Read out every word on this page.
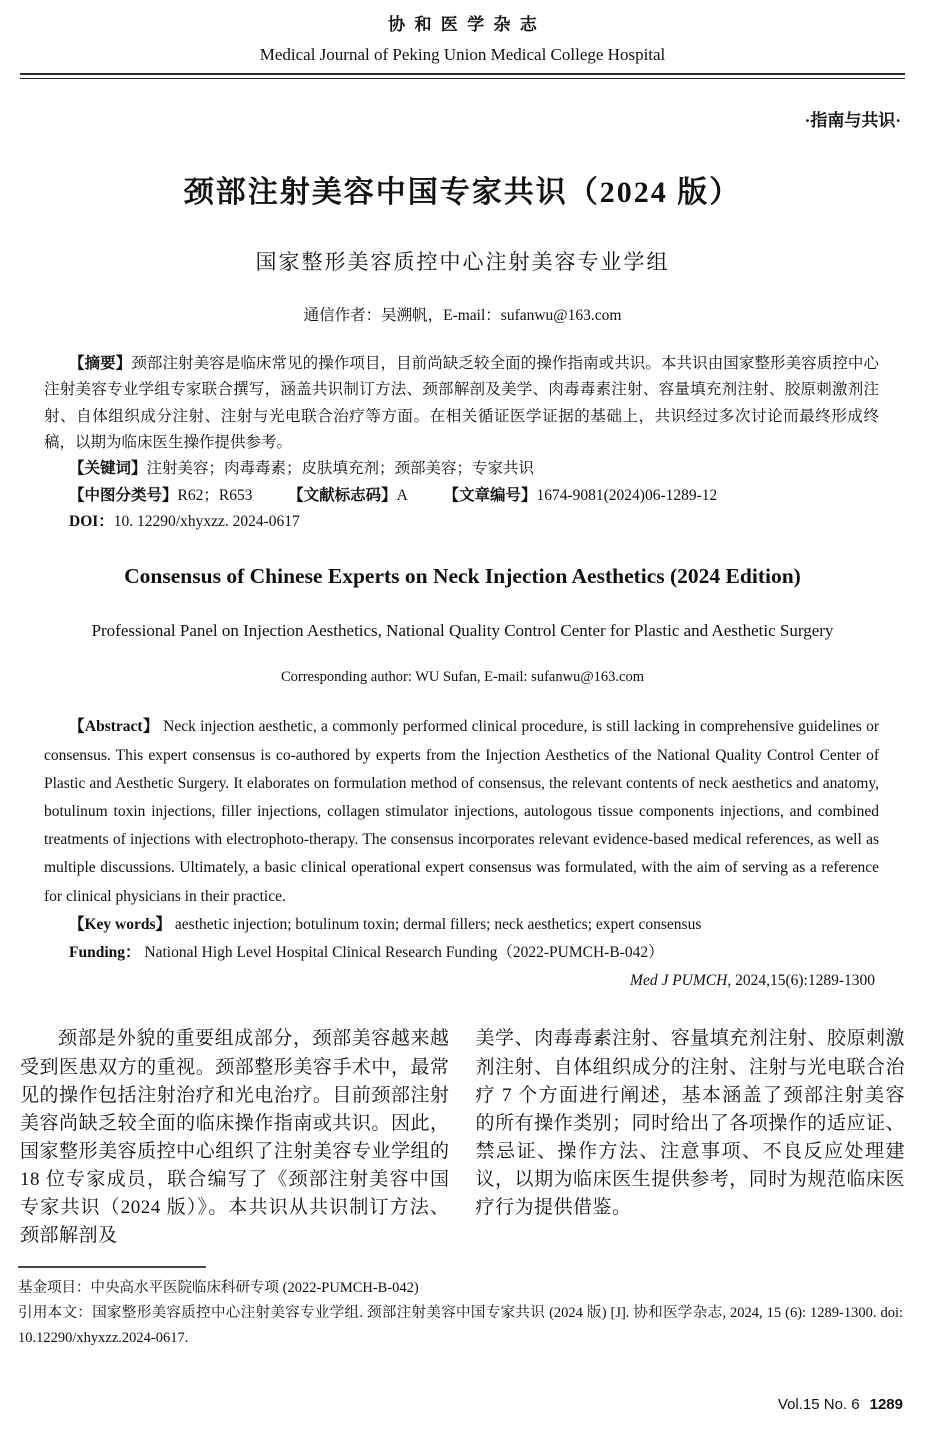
协和医学杂志
Medical Journal of Peking Union Medical College Hospital
·指南与共识·
颈部注射美容中国专家共识（2024 版）
国家整形美容质控中心注射美容专业学组
通信作者：吴溯帆，E-mail：sufanwu@163.com

【摘要】颈部注射美容是临床常见的操作项目，目前尚缺乏较全面的操作指南或共识。本共识由国家整形美容质控中心注射美容专业学组专家联合撰写，涵盖共识制订方法、颈部解剖及美学、肉毒毒素注射、容量填充剂注射、胶原刺激剂注射、自体组织成分注射、注射与光电联合治疗等方面。在相关循证医学证据的基础上，共识经过多次讨论而最终形成终稿，以期为临床医生操作提供参考。

【关键词】注射美容；肉毒毒素；皮肤填充剂；颈部美容；专家共识

【中图分类号】R62；R653 【文献标志码】A 【文章编号】1674-9081(2024)06-1289-12

DOI：10. 12290/xhyxzz. 2024-0617

Consensus of Chinese Experts on Neck Injection Aesthetics (2024 Edition)
Professional Panel on Injection Aesthetics, National Quality Control Center for Plastic and Aesthetic Surgery
Corresponding author: WU Sufan, E-mail: sufanwu@163.com

【Abstract】 Neck injection aesthetic, a commonly performed clinical procedure, is still lacking in comprehensive guidelines or consensus. This expert consensus is co-authored by experts from the Injection Aesthetics of the National Quality Control Center of Plastic and Aesthetic Surgery. It elaborates on formulation method of consensus, the relevant contents of neck aesthetics and anatomy, botulinum toxin injections, filler injections, collagen stimulator injections, autologous tissue components injections, and combined treatments of injections with electrophoto-therapy. The consensus incorporates relevant evidence-based medical references, as well as multiple discussions. Ultimately, a basic clinical operational expert consensus was formulated, with the aim of serving as a reference for clinical physicians in their practice.

【Key words】 aesthetic injection; botulinum toxin; dermal fillers; neck aesthetics; expert consensus

Funding： National High Level Hospital Clinical Research Funding（2022-PUMCH-B-042）

Med J PUMCH, 2024,15(6):1289-1300

颈部是外貌的重要组成部分，颈部美容越来越受到医患双方的重视。颈部整形美容手术中，最常见的操作包括注射治疗和光电治疗。目前颈部注射美容尚缺乏较全面的临床操作指南或共识。因此，国家整形美容质控中心组织了注射美容专业学组的 18 位专家成员，联合编写了《颈部注射美容中国专家共识（2024 版）》。本共识从共识制订方法、颈部解剖及

美学、肉毒毒素注射、容量填充剂注射、胶原刺激剂注射、自体组织成分的注射、注射与光电联合治疗 7 个方面进行阐述，基本涵盖了颈部注射美容的所有操作类别；同时给出了各项操作的适应证、禁忌证、操作方法、注意事项、不良反应处理建议，以期为临床医生提供参考，同时为规范临床医疗行为提供借鉴。

基金项目：中央高水平医院临床科研专项 (2022-PUMCH-B-042)

引用本文：国家整形美容质控中心注射美容专业学组. 颈部注射美容中国专家共识 (2024 版) [J]. 协和医学杂志, 2024, 15 (6): 1289-1300. doi: 10.12290/xhyxzz.2024-0617.

Vol.15 No. 6 1289
